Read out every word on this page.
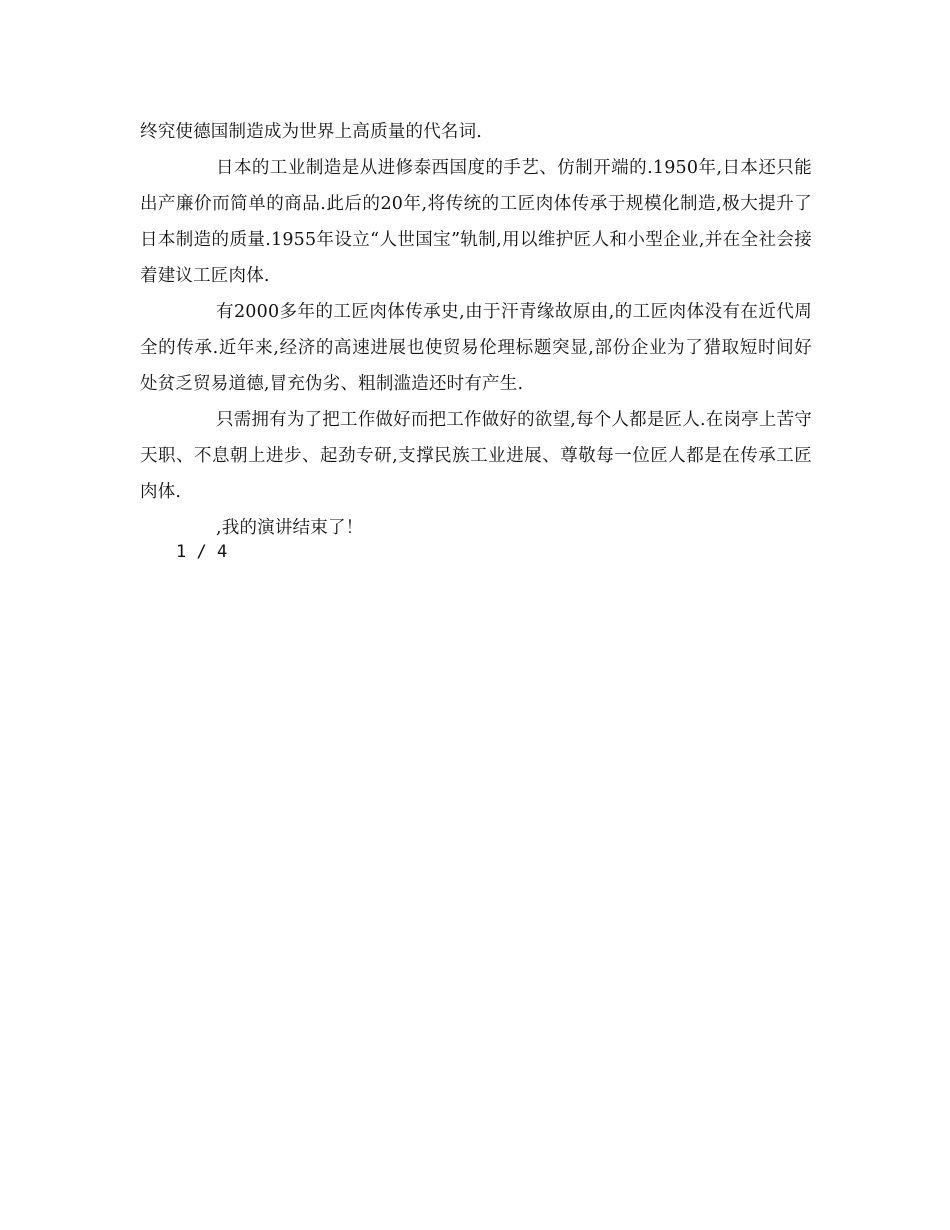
终究使德国制造成为世界上高质量的代名词.

日本的工业制造是从进修泰西国度的手艺、仿制开端的.1950年,日本还只能出产廉价而简单的商品.此后的20年,将传统的工匠肉体传承于规模化制造,极大提升了日本制造的质量.1955年设立“人世国宝”轨制,用以维护匠人和小型企业,并在全社会接着建议工匠肉体.

有2000多年的工匠肉体传承史,由于汗青缘故原由,的工匠肉体没有在近代周全的传承.近年来,经济的高速进展也使贸易伦理标题突显,部份企业为了猎取短时间好处贫乏贸易道德,冒充伪劣、粗制滥造还时有产生.

只需拥有为了把工作做好而把工作做好的欲望,每个人都是匠人.在岗亭上苦守天职、不息朝上进步、起劲专研,支撑民族工业进展、尊敬每一位匠人都是在传承工匠肉体.

,我的演讲结束了！

1 / 4
